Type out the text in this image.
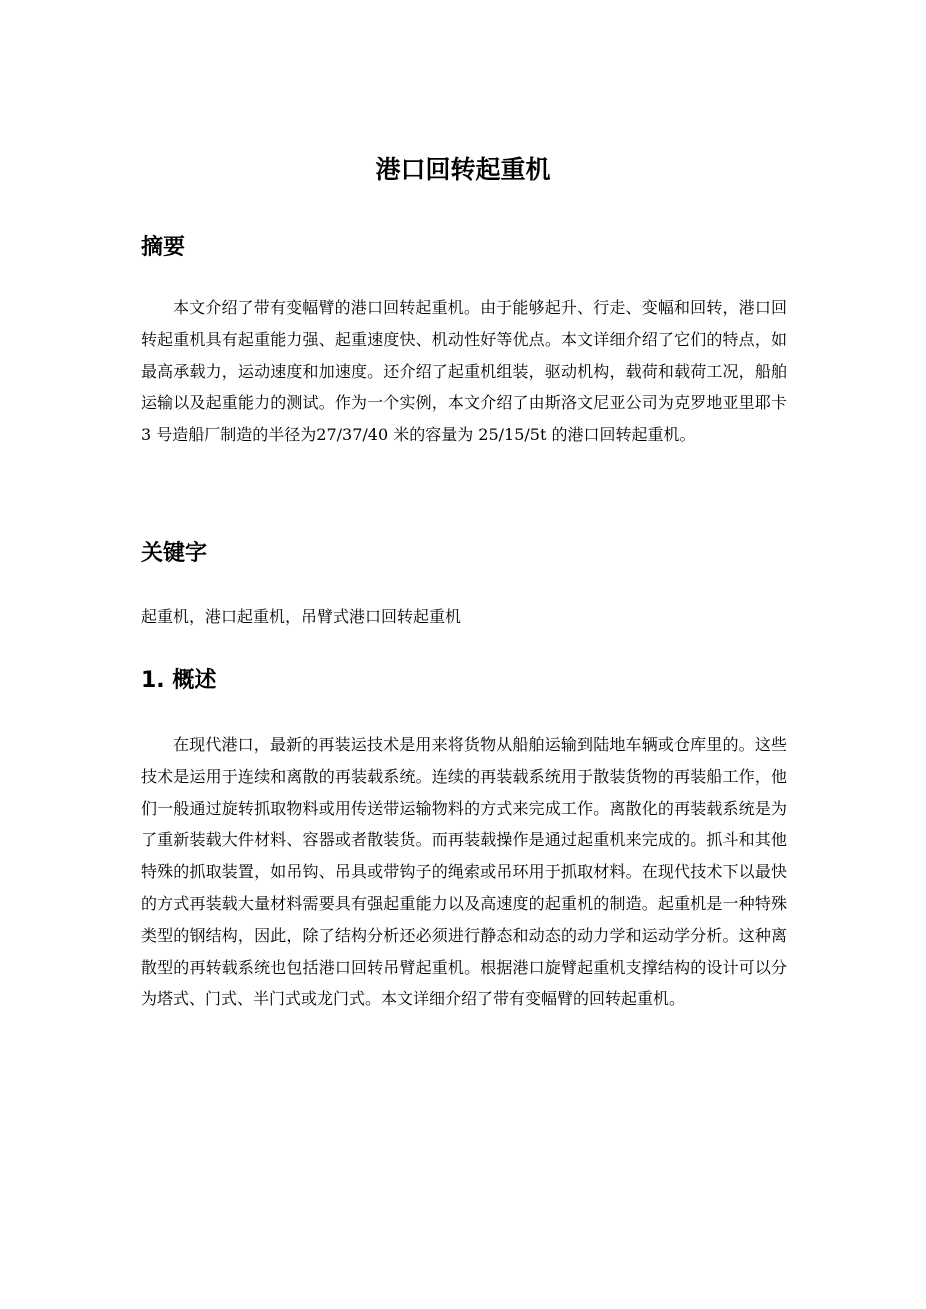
港口回转起重机
摘要

本文介绍了带有变幅臂的港口回转起重机。由于能够起升、行走、变幅和回转，港口回转起重机具有起重能力强、起重速度快、机动性好等优点。本文详细介绍了它们的特点，如最高承载力，运动速度和加速度。还介绍了起重机组装，驱动机构，载荷和载荷工况，船舶运输以及起重能力的测试。作为一个实例，本文介绍了由斯洛文尼亚公司为克罗地亚里耶卡 3 号造船厂制造的半径为27/37/40 米的容量为 25/15/5t 的港口回转起重机。

关键字

起重机，港口起重机，吊臂式港口回转起重机

1. 概述

在现代港口，最新的再装运技术是用来将货物从船舶运输到陆地车辆或仓库里的。这些技术是运用于连续和离散的再装载系统。连续的再装载系统用于散装货物的再装船工作，他们一般通过旋转抓取物料或用传送带运输物料的方式来完成工作。离散化的再装载系统是为了重新装载大件材料、容器或者散装货。而再装载操作是通过起重机来完成的。抓斗和其他特殊的抓取装置，如吊钩、吊具或带钩子的绳索或吊环用于抓取材料。在现代技术下以最快的方式再装载大量材料需要具有强起重能力以及高速度的起重机的制造。起重机是一种特殊类型的钢结构，因此，除了结构分析还必须进行静态和动态的动力学和运动学分析。这种离散型的再转载系统也包括港口回转吊臂起重机。根据港口旋臂起重机支撑结构的设计可以分为塔式、门式、半门式或龙门式。本文详细介绍了带有变幅臂的回转起重机。
